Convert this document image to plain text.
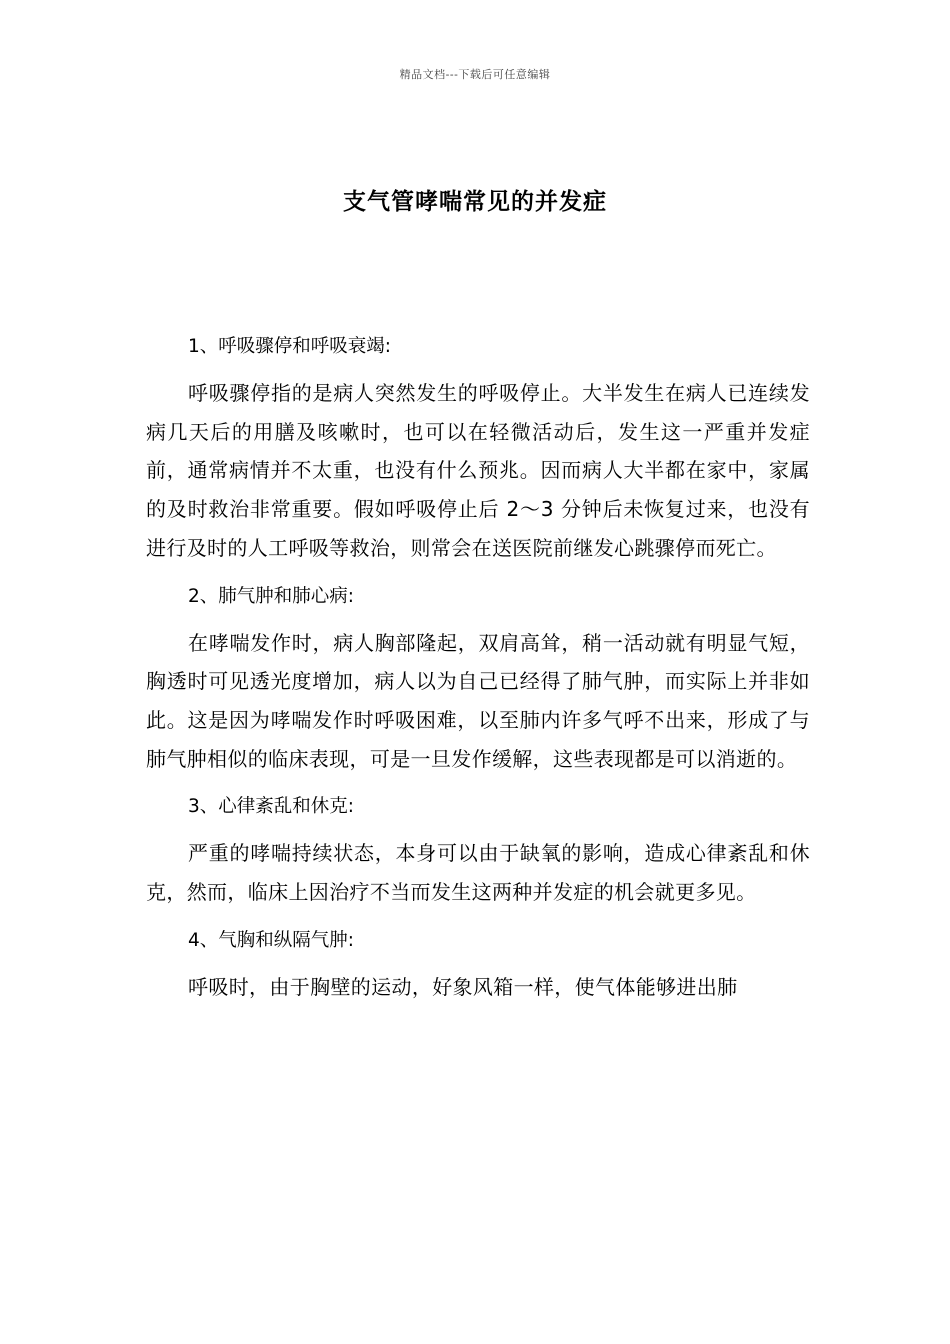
精品文档---下载后可任意编辑
支气管哮喘常见的并发症

1、呼吸骤停和呼吸衰竭:

呼吸骤停指的是病人突然发生的呼吸停止。大半发生在病人已连续发病几天后的用膳及咳嗽时，也可以在轻微活动后，发生这一严重并发症前，通常病情并不太重，也没有什么预兆。因而病人大半都在家中，家属的及时救治非常重要。假如呼吸停止后 2～3 分钟后未恢复过来，也没有进行及时的人工呼吸等救治，则常会在送医院前继发心跳骤停而死亡。

2、肺气肿和肺心病:

在哮喘发作时，病人胸部隆起，双肩高耸，稍一活动就有明显气短，胸透时可见透光度增加，病人以为自己已经得了肺气肿，而实际上并非如此。这是因为哮喘发作时呼吸困难，以至肺内许多气呼不出来，形成了与肺气肿相似的临床表现，可是一旦发作缓解，这些表现都是可以消逝的。

3、心律紊乱和休克:

严重的哮喘持续状态，本身可以由于缺氧的影响，造成心律紊乱和休克，然而，临床上因治疗不当而发生这两种并发症的机会就更多见。

4、气胸和纵隔气肿:

呼吸时，由于胸壁的运动，好象风箱一样，使气体能够进出肺
